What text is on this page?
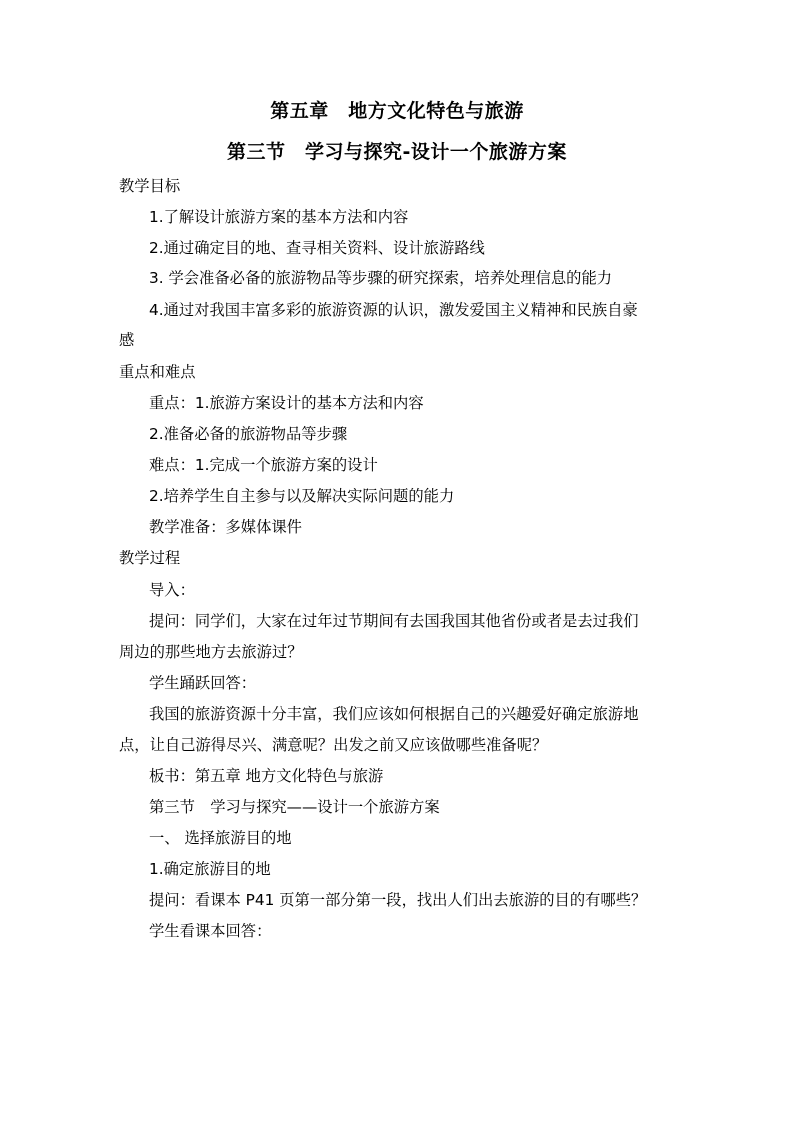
第五章　地方文化特色与旅游
第三节　学习与探究-设计一个旅游方案
教学目标
1.了解设计旅游方案的基本方法和内容
2.通过确定目的地、查寻相关资料、设计旅游路线
3. 学会准备必备的旅游物品等步骤的研究探索，培养处理信息的能力
4.通过对我国丰富多彩的旅游资源的认识，激发爱国主义精神和民族自豪
感
重点和难点
重点：1.旅游方案设计的基本方法和内容
2.准备必备的旅游物品等步骤
难点：1.完成一个旅游方案的设计
2.培养学生自主参与以及解决实际问题的能力
教学准备：多媒体课件
教学过程
导入：
提问：同学们，大家在过年过节期间有去国我国其他省份或者是去过我们
周边的那些地方去旅游过？
学生踊跃回答：
我国的旅游资源十分丰富，我们应该如何根据自己的兴趣爱好确定旅游地
点，让自己游得尽兴、满意呢？出发之前又应该做哪些准备呢？
板书：第五章 地方文化特色与旅游
第三节　学习与探究——设计一个旅游方案
一、 选择旅游目的地
1.确定旅游目的地
提问：看课本 P41 页第一部分第一段，找出人们出去旅游的目的有哪些？
学生看课本回答：
